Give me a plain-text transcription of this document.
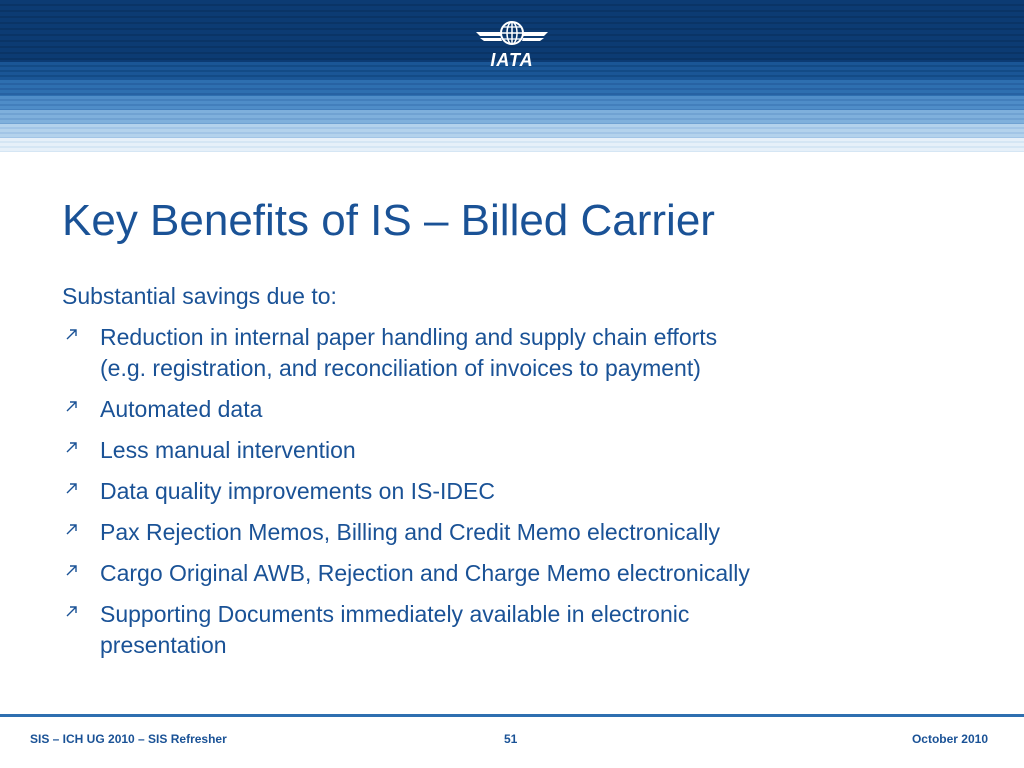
IATA
Key Benefits of IS – Billed Carrier
Substantial savings due to:
Reduction in internal paper handling and supply chain efforts
(e.g. registration, and reconciliation of invoices to payment)
Automated data
Less manual intervention
Data quality improvements on IS-IDEC
Pax Rejection Memos, Billing and Credit Memo electronically
Cargo Original AWB, Rejection and Charge Memo electronically
Supporting Documents immediately available in electronic
presentation
SIS – ICH UG 2010 – SIS Refresher	51	October 2010
